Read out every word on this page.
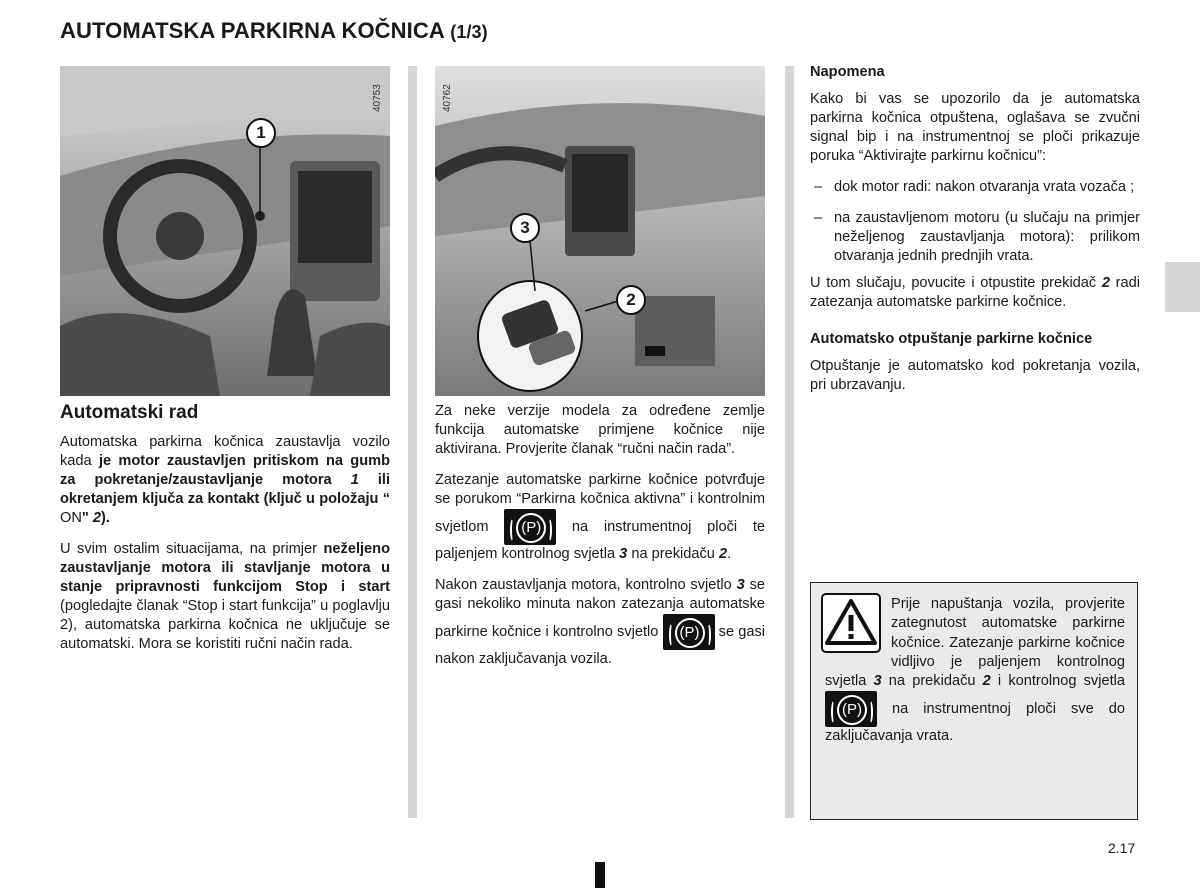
AUTOMATSKA PARKIRNA KOČNICA (1/3)
40753
1
40762
3
2
Automatski rad

Automatska parkirna kočnica zaustavlja vozilo kada je motor zaustavljen pritiskom na gumb za pokretanje/zaustavljanje motora 1 ili okretanjem ključa za kontakt (ključ u položaju “ ON" 2).

U svim ostalim situacijama, na primjer neželjeno zaustavljanje motora ili stavljanje motora u stanje pripravnosti funkcijom Stop i start (pogledajte članak “Stop i start funkcija” u poglavlju 2), automatska parkirna kočnica ne uključuje se automatski. Mora se koristiti ručni način rada.

Za neke verzije modela za određene zemlje funkcija automatske primjene kočnice nije aktivirana. Provjerite članak “ručni način rada”.

Zatezanje automatske parkirne kočnice potvrđuje se porukom “Parkirna kočnica aktivna” i kontrolnim svjetlom	(P)	na instrumentnoj ploči te paljenjem kontrolnog svjetla 3 na prekidaču 2.

Nakon zaustavljanja motora, kontrolno svjetlo 3 se gasi nekoliko minuta nakon zatezanja automatske parkirne kočnice i kontrolno svjetlo	(P)	se gasi nakon zaključavanja vozila.

Napomena

Kako bi vas se upozorilo da je automatska parkirna kočnica otpuštena, oglašava se zvučni signal bip i na instrumentnoj se ploči prikazuje poruka “Aktivirajte parkirnu kočnicu”:

– dok motor radi: nakon otvaranja vrata vozača ;
– na zaustavljenom motoru (u slučaju na primjer neželjenog zaustavljanja motora): prilikom otvaranja jednih prednjih vrata.

U tom slučaju, povucite i otpustite prekidač 2 radi zatezanja automatske parkirne kočnice.

Automatsko otpuštanje parkirne kočnice

Otpuštanje je automatsko kod pokretanja vozila, pri ubrzavanju.

Prije napuštanja vozila, provjerite zategnutost automatske parkirne kočnice. Zatezanje parkirne kočnice vidljivo je paljenjem kontrolnog svjetla 3 na prekidaču 2 i kontrolnog svjetla
(P)	na instrumentnoj ploči sve do zaključavanja vrata.

2.17
